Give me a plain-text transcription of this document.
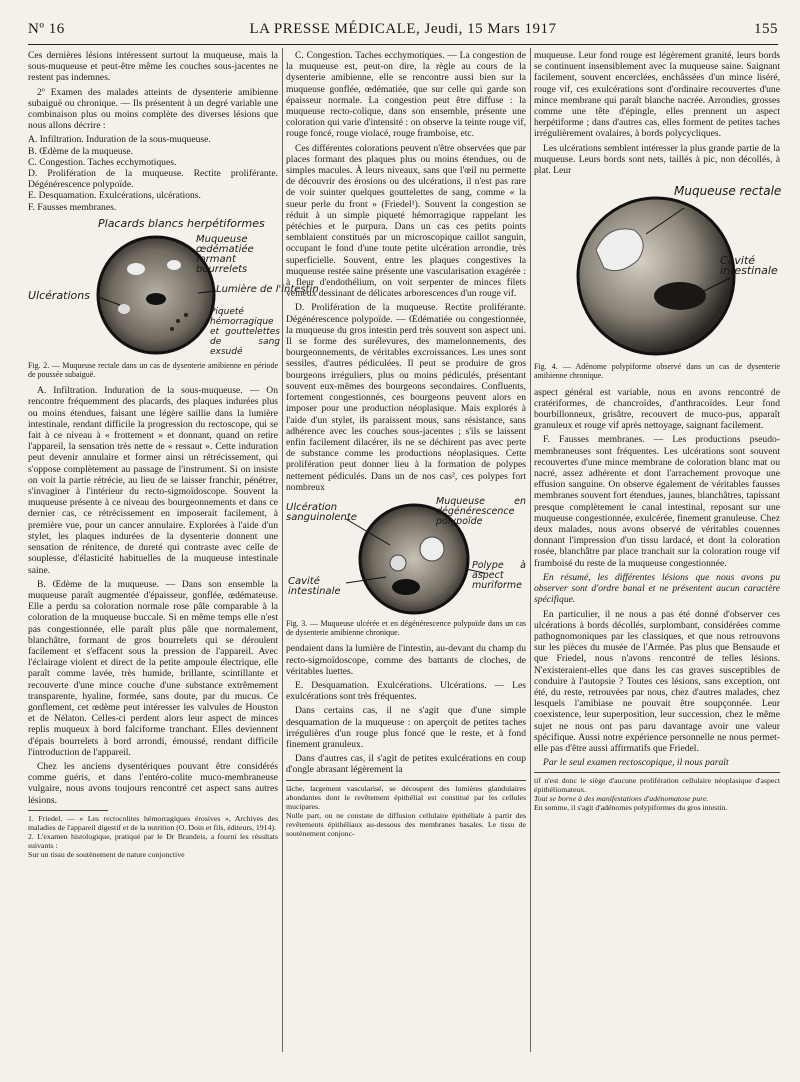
Nº 16	LA PRESSE MÉDICALE, Jeudi, 15 Mars 1917	155

Ces dernières lésions intéressent surtout la muqueuse, mais la sous-muqueuse et peut-être même les couches sous-jacentes ne restent pas indemnes.

2º Examen des malades atteints de dysenterie amibienne subaiguë ou chronique. — Ils présentent à un degré variable une combinaison plus ou moins complète des diverses lésions que nous allons décrire :

A. Infiltration. Induration de la sous-muqueuse.
B. Œdème de la muqueuse.
C. Congestion. Taches ecchymotiques.
D. Prolifération de la muqueuse. Rectite proliférante. Dégénérescence polypoïde.
E. Desquamation. Exulcérations, ulcérations.
F. Fausses membranes.
Placards blancs herpétiformes
Muqueuse œdématiée formant bourrelets
Ulcérations	Lumière de l'intestin
Piqueté hémorragique et gouttelettes de sang exsudé
Fig. 2. — Muqueuse rectale dans un cas de dysenterie amibienne en période de poussée subaiguë.

A. Infiltration. Induration de la sous-muqueuse. — On rencontre fréquemment des placards, des plaques indurées plus ou moins étendues, faisant une légère saillie dans la lumière intestinale, rendant difficile la progression du rectoscope, qui se fait à ce niveau à « frottement » et donnant, quand on retire l'appareil, la sensation très nette de « ressaut ». Cette induration peut devenir annulaire et former ainsi un rétrécissement, qui s'oppose complètement au passage de l'instrument. Si on insiste on voit la partie rétrécie, au lieu de se laisser franchir, pénétrer, s'invaginer à l'intérieur du recto-sigmoïdoscope. Souvent la muqueuse présente à ce niveau des bourgeonnements et dans ce dernier cas, ce rétrécissement en imposerait facilement, à première vue, pour un cancer annulaire. Explorées à l'aide d'un stylet, les plaques indurées de la dysenterie donnent une sensation de rénitence, de dureté qui contraste avec celle de souplesse, d'élasticité habituelles de la muqueuse intestinale saine.

B. Œdème de la muqueuse. — Dans son ensemble la muqueuse paraît augmentée d'épaisseur, gonflée, œdémateuse. Elle a perdu sa coloration normale rose pâle comparable à la coloration de la muqueuse buccale. Si en même temps elle n'est pas congestionnée, elle paraît plus pâle que normalement, blanchâtre, formant de gros bourrelets qui se déroulent facilement et s'effacent sous la pression de l'appareil. Avec l'éclairage violent et direct de la petite ampoule électrique, elle paraît comme lavée, très humide, brillante, scintillante et recouverte d'une mince couche d'une substance extrêmement transparente, hyaline, formée, sans doute, par du mucus. Ce gonflement, cet œdème peut intéresser les valvules de Houston et de Nélaton. Celles-ci perdent alors leur aspect de minces replis muqueux à bord falciforme tranchant. Elles deviennent d'épais bourrelets à bord arrondi, émoussé, rendant difficile l'introduction de l'appareil.

Chez les anciens dysentériques pouvant être considérés comme guéris, et dans l'entéro-colite muco-membraneuse vulgaire, nous avons toujours rencontré cet aspect sans autres lésions.

1. Friedel. — « Les rectocolites hémorragiques érosives », Archives des maladies de l'appareil digestif et de la nutrition (O. Doin et fils, éditeurs, 1914).
2. L'examen histologique, pratiqué par le Dr Brandeis, a fourni les résultats suivants :
Sur un tissu de soutènement de nature conjonctive

C. Congestion. Taches ecchymotiques. — La congestion de la muqueuse est, peut-on dire, la règle au cours de la dysenterie amibienne, elle se rencontre aussi bien sur la muqueuse gonflée, œdématiée, que sur celle qui garde son épaisseur normale. La congestion peut être diffuse : la muqueuse recto-colique, dans son ensemble, présente une coloration qui varie d'intensité : on observe la teinte rouge vif, rouge foncé, rouge violacé, rouge framboise, etc.

Ces différentes colorations peuvent n'être observées que par places formant des plaques plus ou moins étendues, ou de simples macules. À leurs niveaux, sans que l'œil nu permette de découvrir des érosions ou des ulcérations, il n'est pas rare de voir suinter quelques gouttelettes de sang, comme « la sueur perle du front » (Friedel¹). Souvent la congestion se réduit à un simple piqueté hémorragique rappelant les pétéchies et le purpura. Dans un cas ces petits points semblaient constitués par un microscopique caillot sanguin, occupant le fond d'une toute petite ulcération arrondie, très superficielle. Souvent, entre les plaques congestives la muqueuse restée saine présente une vascularisation exagérée : à fleur d'endothélium, on voit serpenter de minces filets veineux dessinant de délicates arborescences d'un rouge vif.

D. Prolifération de la muqueuse. Rectite proliférante. Dégénérescence polypoïde. — Œdématiée ou congestionnée, la muqueuse du gros intestin perd très souvent son aspect uni. Il se forme des surélevures, des mamelonnements, des bourgeonnements, de véritables excroissances. Les unes sont sessiles, d'autres pédiculées. Il peut se produire de gros bourgeons irréguliers, plus ou moins pédiculés, présentant souvent eux-mêmes des bourgeons secondaires. Confluents, fortement congestionnés, ces bourgeons peuvent alors en imposer pour une production néoplasique. Mais explorés à l'aide d'un stylet, ils paraissent mous, sans résistance, sans adhérence avec les couches sous-jacentes ; s'ils se laissent enfin facilement dilacérer, ils ne se déchirent pas avec perte de substance comme les productions néoplasiques. Cette prolifération peut donner lieu à la formation de polypes nettement pédiculés. Dans un de nos cas², ces polypes fort nombreux

Ulcération sanguinolente
Muqueuse en dégénérescence polypoïde
Polype à aspect muriforme
Cavité intestinale
Fig. 3. — Muqueuse ulcérée et en dégénérescence polypoïde dans un cas de dysenterie amibienne chronique.

pendaient dans la lumière de l'intestin, au-devant du champ du recto-sigmoïdoscope, comme des battants de cloches, de véritables luettes.

E. Desquamation. Exulcérations. Ulcérations. — Les exulcérations sont très fréquentes.

Dans certains cas, il ne s'agit que d'une simple desquamation de la muqueuse : on aperçoit de petites taches irrégulières d'un rouge plus foncé que le reste, et à fond finement granuleux.

Dans d'autres cas, il s'agit de petites exulcérations en coup d'ongle abrasant légèrement la

lâche, largement vascularisé, se découpent des lumières glandulaires abondantes dont le revêtement épithélial est constitué par les cellules mucipares.
Nulle part, on ne constate de diffusion cellulaire épithéliale à partir des revêtements épithéliaux au-dessous des membranes basales. Le tissu de soutènement conjonc-

muqueuse. Leur fond rouge est légèrement granité, leurs bords se continuent insensiblement avec la muqueuse saine. Saignant facilement, souvent encerclées, enchâssées d'un mince liséré, rouge vif, ces exulcérations sont d'ordinaire recouvertes d'une mince membrane qui paraît blanche nacrée. Arrondies, grosses comme une tête d'épingle, elles prennent un aspect herpétiforme ; dans d'autres cas, elles forment de petites taches irrégulièrement ovalaires, à bords polycycliques.

Les ulcérations semblent intéresser la plus grande partie de la muqueuse. Leurs bords sont nets, taillés à pic, non décollés, à plat. Leur

Muqueuse rectale
Cavité intestinale
Fig. 4. — Adénome polypiforme observé dans un cas de dysenterie amibienne chronique.

aspect général est variable, nous en avons rencontré de cratériformes, de chancroïdes, d'anthracoïdes. Leur fond bourbillonneux, grisâtre, recouvert de muco-pus, apparaît granuleux et rouge vif après nettoyage, saignant facilement.

F. Fausses membranes. — Les productions pseudo-membraneuses sont fréquentes. Les ulcérations sont souvent recouvertes d'une mince membrane de coloration blanc mat ou nacré, assez adhérente et dont l'arrachement provoque une effusion sanguine. On observe également de véritables fausses membranes souvent fort étendues, jaunes, blanchâtres, tapissant presque complètement le canal intestinal, reposant sur une muqueuse congestionnée, exulcérée, finement granuleuse. Chez deux malades, nous avons observé de véritables couennes donnant l'impression d'un tissu lardacé, et dont la coloration rosée, blanchâtre par place tranchait sur la coloration rouge vif framboisé du reste de la muqueuse congestionnée.

En résumé, les différentes lésions que nous avons pu observer sont d'ordre banal et ne présentent aucun caractère spécifique.

En particulier, il ne nous a pas été donné d'observer ces ulcérations à bords décollés, surplombant, considérées comme pathognomoniques par les classiques, et que nous retrouvons sur les pièces du musée de l'Armée. Pas plus que Bensaude et que Friedel, nous n'avons rencontré de telles lésions. N'existeraient-elles que dans les cas graves susceptibles de conduire à l'autopsie ? Toutes ces lésions, sans exception, ont été, du reste, retrouvées par nous, chez d'autres malades, chez lesquels l'amibiase ne pouvait être soupçonnée. Leur coexistence, leur superposition, leur succession, chez le même sujet ne nous ont pas paru davantage avoir une valeur spécifique. Aussi notre expérience personnelle ne nous permet-elle pas d'être aussi affirmatifs que Friedel.

Par le seul examen rectoscopique, il nous paraît

tif n'est donc le siège d'aucune prolifération cellulaire néoplasique d'aspect épithéliomateux.
Tout se borne à des manifestations d'adénomatose pure.
En somme, il s'agit d'adénomes polypiformes du gros intestin.
